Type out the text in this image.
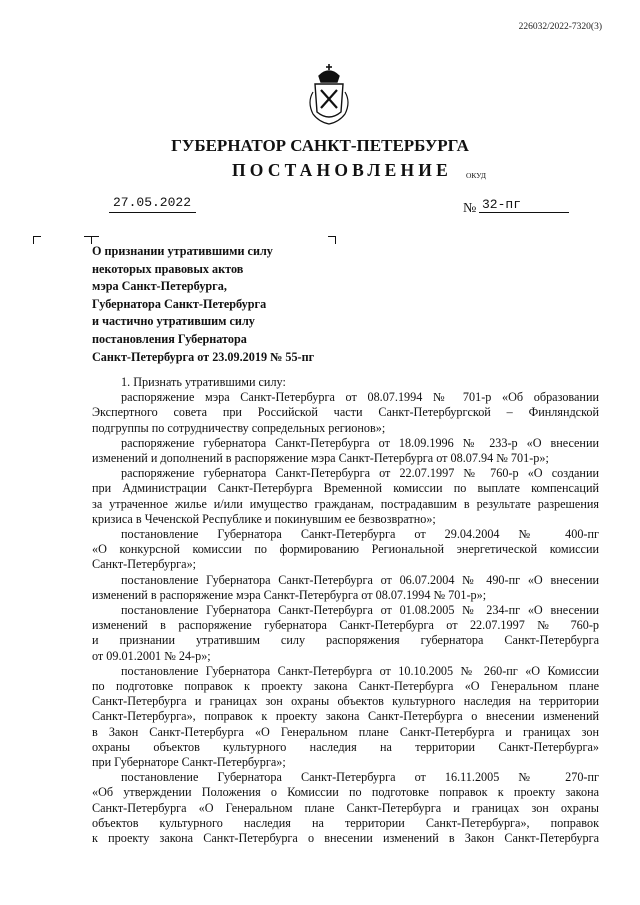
226032/2022-7320(3)
ГУБЕРНАТОР САНКТ-ПЕТЕРБУРГА
ПОСТАНОВЛЕНИЕ ОКУД
27.05.2022	№ 32-пг
О признании утратившими силу
некоторых правовых актов
мэра Санкт-Петербурга,
Губернатора Санкт-Петербурга
и частично утратившим силу
постановления Губернатора
Санкт-Петербурга от 23.09.2019 № 55-пг
1. Признать утратившими силу:
распоряжение мэра Санкт-Петербурга от 08.07.1994 № 701-р «Об образовании
Экспертного совета при Российской части Санкт-Петербургской – Финляндской
подгруппы по сотрудничеству сопредельных регионов»;
распоряжение губернатора Санкт-Петербурга от 18.09.1996 № 233-р «О внесении
изменений и дополнений в распоряжение мэра Санкт-Петербурга от 08.07.94 № 701-р»;
распоряжение губернатора Санкт-Петербурга от 22.07.1997 № 760-р «О создании
при Администрации Санкт-Петербурга Временной комиссии по выплате компенсаций
за утраченное жилье и/или имущество гражданам, пострадавшим в результате разрешения
кризиса в Чеченской Республике и покинувшим ее безвозвратно»;
постановление Губернатора Санкт-Петербурга от 29.04.2004 № 400-пг
«О конкурсной комиссии по формированию Региональной энергетической комиссии
Санкт-Петербурга»;
постановление Губернатора Санкт-Петербурга от 06.07.2004 № 490-пг «О внесении
изменений в распоряжение мэра Санкт-Петербурга от 08.07.1994 № 701-р»;
постановление Губернатора Санкт-Петербурга от 01.08.2005 № 234-пг «О внесении
изменений в распоряжение губернатора Санкт-Петербурга от 22.07.1997 № 760-р
и признании утратившим силу распоряжения губернатора Санкт-Петербурга
от 09.01.2001 № 24-р»;
постановление Губернатора Санкт-Петербурга от 10.10.2005 № 260-пг «О Комиссии
по подготовке поправок к проекту закона Санкт-Петербурга «О Генеральном плане
Санкт-Петербурга и границах зон охраны объектов культурного наследия на территории
Санкт-Петербурга», поправок к проекту закона Санкт-Петербурга о внесении изменений
в Закон Санкт-Петербурга «О Генеральном плане Санкт-Петербурга и границах зон
охраны объектов культурного наследия на территории Санкт-Петербурга»
при Губернаторе Санкт-Петербурга»;
постановление Губернатора Санкт-Петербурга от 16.11.2005 № 270-пг
«Об утверждении Положения о Комиссии по подготовке поправок к проекту закона
Санкт-Петербурга «О Генеральном плане Санкт-Петербурга и границах зон охраны
объектов культурного наследия на территории Санкт-Петербурга», поправок
к проекту закона Санкт-Петербурга о внесении изменений в Закон Санкт-Петербурга
